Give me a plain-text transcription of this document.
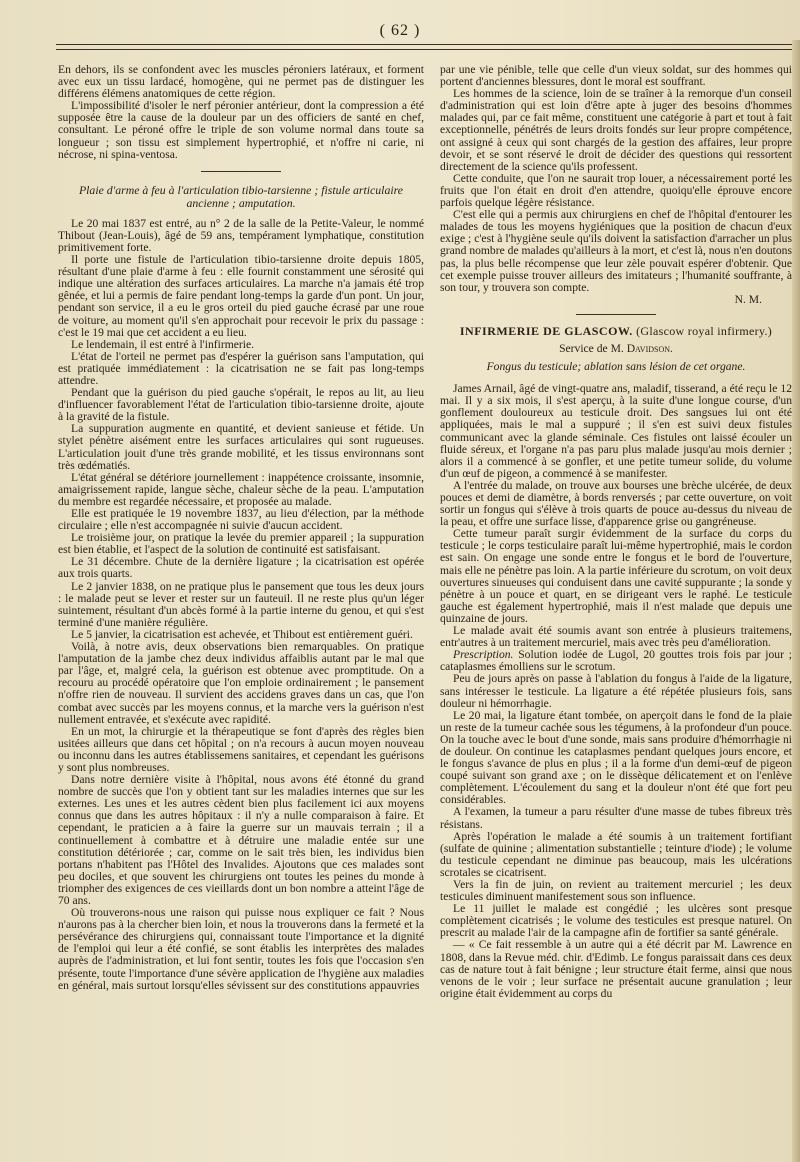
( 62 )

En dehors, ils se confondent avec les muscles péroniers latéraux, et forment avec eux un tissu lardacé, homogène, qui ne permet pas de distinguer les différens élémens anatomiques de cette région.

L'impossibilité d'isoler le nerf péronier antérieur, dont la compression a été supposée être la cause de la douleur par un des officiers de santé en chef, consultant. Le péroné offre le triple de son volume normal dans toute sa longueur ; son tissu est simplement hypertrophié, et n'offre ni carie, ni nécrose, ni spina-ventosa.

Plaie d'arme à feu à l'articulation tibio-tarsienne ; fistule articulaire ancienne ; amputation.

Le 20 mai 1837 est entré, au n° 2 de la salle de la Petite-Valeur, le nommé Thibout (Jean-Louis), âgé de 59 ans, tempérament lymphatique, constitution primitivement forte.

Il porte une fistule de l'articulation tibio-tarsienne droite depuis 1805, résultant d'une plaie d'arme à feu : elle fournit constamment une sérosité qui indique une altération des surfaces articulaires. La marche n'a jamais été trop gênée, et lui a permis de faire pendant long-temps la garde d'un pont. Un jour, pendant son service, il a eu le gros orteil du pied gauche écrasé par une roue de voiture, au moment qu'il s'en approchait pour recevoir le prix du passage : c'est le 19 mai que cet accident a eu lieu.

Le lendemain, il est entré à l'infirmerie.

L'état de l'orteil ne permet pas d'espérer la guérison sans l'amputation, qui est pratiquée immédiatement : la cicatrisation ne se fait pas long-temps attendre.

Pendant que la guérison du pied gauche s'opérait, le repos au lit, au lieu d'influencer favorablement l'état de l'articulation tibio-tarsienne droite, ajoute à la gravité de la fistule.

La suppuration augmente en quantité, et devient sanieuse et fétide. Un stylet pénètre aisément entre les surfaces articulaires qui sont rugueuses. L'articulation jouit d'une très grande mobilité, et les tissus environnans sont très œdématiés.

L'état général se détériore journellement : inappétence croissante, insomnie, amaigrissement rapide, langue sèche, chaleur sèche de la peau. L'amputation du membre est regardée nécessaire, et proposée au malade.

Elle est pratiquée le 19 novembre 1837, au lieu d'élection, par la méthode circulaire ; elle n'est accompagnée ni suivie d'aucun accident.

Le troisième jour, on pratique la levée du premier appareil ; la suppuration est bien établie, et l'aspect de la solution de continuité est satisfaisant.

Le 31 décembre. Chute de la dernière ligature ; la cicatrisation est opérée aux trois quarts.

Le 2 janvier 1838, on ne pratique plus le pansement que tous les deux jours : le malade peut se lever et rester sur un fauteuil. Il ne reste plus qu'un léger suintement, résultant d'un abcès formé à la partie interne du genou, et qui s'est terminé d'une manière régulière.

Le 5 janvier, la cicatrisation est achevée, et Thibout est entièrement guéri.

Voilà, à notre avis, deux observations bien remarquables. On pratique l'amputation de la jambe chez deux individus affaiblis autant par le mal que par l'âge, et, malgré cela, la guérison est obtenue avec promptitude. On a recouru au procédé opératoire que l'on emploie ordinairement ; le pansement n'offre rien de nouveau. Il survient des accidens graves dans un cas, que l'on combat avec succès par les moyens connus, et la marche vers la guérison n'est nullement entravée, et s'exécute avec rapidité.

En un mot, la chirurgie et la thérapeutique se font d'après des règles bien usitées ailleurs que dans cet hôpital ; on n'a recours à aucun moyen nouveau ou inconnu dans les autres établissemens sanitaires, et cependant les guérisons y sont plus nombreuses.

Dans notre dernière visite à l'hôpital, nous avons été étonné du grand nombre de succès que l'on y obtient tant sur les maladies internes que sur les externes. Les unes et les autres cèdent bien plus facilement ici aux moyens connus que dans les autres hôpitaux : il n'y a nulle comparaison à faire. Et cependant, le praticien a à faire la guerre sur un mauvais terrain ; il a continuellement à combattre et à détruire une maladie entée sur une constitution détériorée ; car, comme on le sait très bien, les individus bien portans n'habitent pas l'Hôtel des Invalides. Ajoutons que ces malades sont peu dociles, et que souvent les chirurgiens ont toutes les peines du monde à triompher des exigences de ces vieillards dont un bon nombre a atteint l'âge de 70 ans.

Où trouverons-nous une raison qui puisse nous expliquer ce fait ? Nous n'aurons pas à la chercher bien loin, et nous la trouverons dans la fermeté et la persévérance des chirurgiens qui, connaissant toute l'importance et la dignité de l'emploi qui leur a été confié, se sont établis les interprètes des malades auprès de l'administration, et lui font sentir, toutes les fois que l'occasion s'en présente, toute l'importance d'une sévère application de l'hygiène aux maladies en général, mais surtout lorsqu'elles sévissent sur des constitutions appauvries

par une vie pénible, telle que celle d'un vieux soldat, sur des hommes qui portent d'anciennes blessures, dont le moral est souffrant.

Les hommes de la science, loin de se traîner à la remorque d'un conseil d'administration qui est loin d'être apte à juger des besoins d'hommes malades qui, par ce fait même, constituent une catégorie à part et tout à fait exceptionnelle, pénétrés de leurs droits fondés sur leur propre compétence, ont assigné à ceux qui sont chargés de la gestion des affaires, leur propre devoir, et se sont réservé le droit de décider des questions qui ressortent directement de la science qu'ils professent.

Cette conduite, que l'on ne saurait trop louer, a nécessairement porté les fruits que l'on était en droit d'en attendre, quoiqu'elle éprouve encore parfois quelque légère résistance.

C'est elle qui a permis aux chirurgiens en chef de l'hôpital d'entourer les malades de tous les moyens hygiéniques que la position de chacun d'eux exige ; c'est à l'hygiène seule qu'ils doivent la satisfaction d'arracher un plus grand nombre de malades qu'ailleurs à la mort, et c'est là, nous n'en doutons pas, la plus belle récompense que leur zèle pouvait espérer d'obtenir. Que cet exemple puisse trouver ailleurs des imitateurs ; l'humanité souffrante, à son tour, y trouvera son compte.

N. M.
INFIRMERIE DE GLASCOW. (Glascow royal infirmery.)
Service de M. Davidson.
Fongus du testicule; ablation sans lésion de cet organe.

James Arnail, âgé de vingt-quatre ans, maladif, tisserand, a été reçu le 12 mai. Il y a six mois, il s'est aperçu, à la suite d'une longue course, d'un gonflement douloureux au testicule droit. Des sangsues lui ont été appliquées, mais le mal a suppuré ; il s'en est suivi deux fistules communicant avec la glande séminale. Ces fistules ont laissé écouler un fluide séreux, et l'organe n'a pas paru plus malade jusqu'au mois dernier ; alors il a commencé à se gonfler, et une petite tumeur solide, du volume d'un œuf de pigeon, a commencé à se manifester.

A l'entrée du malade, on trouve aux bourses une brèche ulcérée, de deux pouces et demi de diamètre, à bords renversés ; par cette ouverture, on voit sortir un fongus qui s'élève à trois quarts de pouce au-dessus du niveau de la peau, et offre une surface lisse, d'apparence grise ou gangréneuse.

Cette tumeur paraît surgir évidemment de la surface du corps du testicule ; le corps testiculaire paraît lui-même hypertrophié, mais le cordon est sain. On engage une sonde entre le fongus et le bord de l'ouverture, mais elle ne pénètre pas loin. A la partie inférieure du scrotum, on voit deux ouvertures sinueuses qui conduisent dans une cavité suppurante ; la sonde y pénètre à un pouce et quart, en se dirigeant vers le raphé. Le testicule gauche est également hypertrophié, mais il n'est malade que depuis une quinzaine de jours.

Le malade avait été soumis avant son entrée à plusieurs traitemens, entr'autres à un traitement mercuriel, mais avec très peu d'amélioration.

Prescription. Solution iodée de Lugol, 20 gouttes trois fois par jour ; cataplasmes émolliens sur le scrotum.

Peu de jours après on passe à l'ablation du fongus à l'aide de la ligature, sans intéresser le testicule. La ligature a été répétée plusieurs fois, sans douleur ni hémorrhagie.

Le 20 mai, la ligature étant tombée, on aperçoit dans le fond de la plaie un reste de la tumeur cachée sous les tégumens, à la profondeur d'un pouce. On la touche avec le bout d'une sonde, mais sans produire d'hémorrhagie ni de douleur. On continue les cataplasmes pendant quelques jours encore, et le fongus s'avance de plus en plus ; il a la forme d'un demi-œuf de pigeon coupé suivant son grand axe ; on le dissèque délicatement et on l'enlève complètement. L'écoulement du sang et la douleur n'ont été que fort peu considérables.

A l'examen, la tumeur a paru résulter d'une masse de tubes fibreux très résistans.

Après l'opération le malade a été soumis à un traitement fortifiant (sulfate de quinine ; alimentation substantielle ; teinture d'iode) ; le volume du testicule cependant ne diminue pas beaucoup, mais les ulcérations scrotales se cicatrisent.

Vers la fin de juin, on revient au traitement mercuriel ; les deux testicules diminuent manifestement sous son influence.

Le 11 juillet le malade est congédié ; les ulcères sont presque complètement cicatrisés ; le volume des testicules est presque naturel. On prescrit au malade l'air de la campagne afin de fortifier sa santé générale.

— « Ce fait ressemble à un autre qui a été décrit par M. Lawrence en 1808, dans la Revue méd. chir. d'Edimb. Le fongus paraissait dans ces deux cas de nature tout à fait bénigne ; leur structure était ferme, ainsi que nous venons de le voir ; leur surface ne présentait aucune granulation ; leur origine était évidemment au corps du
